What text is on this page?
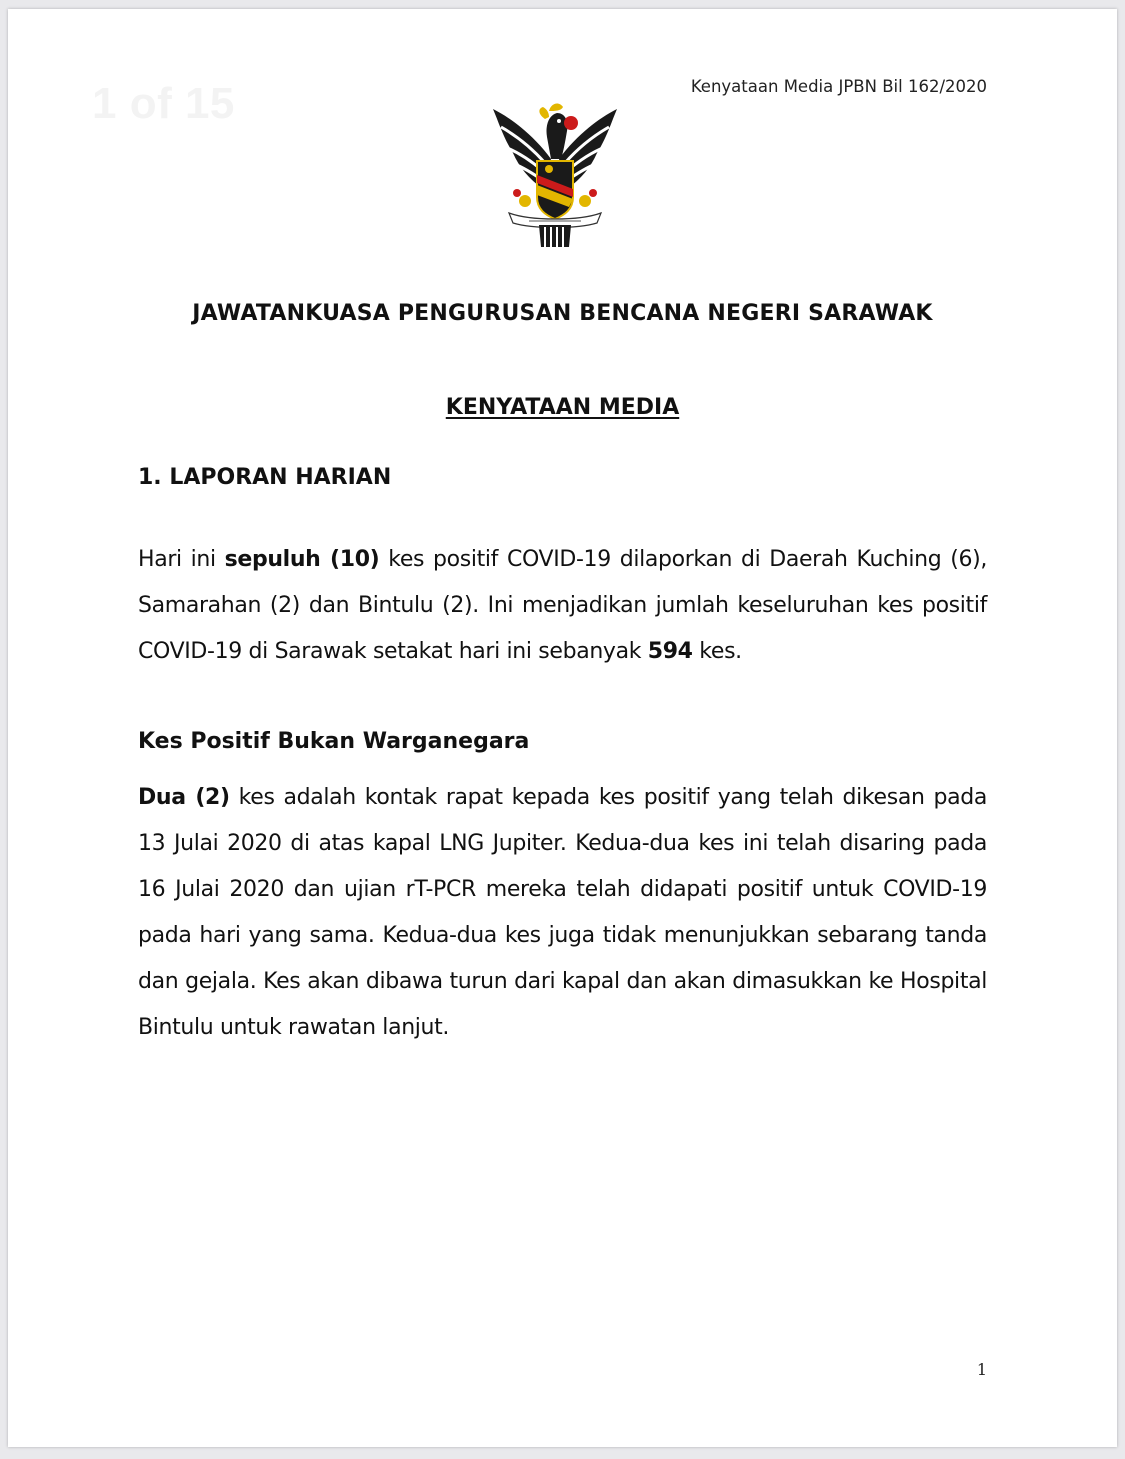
1 of 15	Kenyataan Media JPBN Bil 162/2020
JAWATANKUASA PENGURUSAN BENCANA NEGERI SARAWAK
KENYATAAN MEDIA
1. LAPORAN HARIAN
Hari ini sepuluh (10) kes positif COVID-19 dilaporkan di Daerah Kuching (6), Samarahan (2) dan Bintulu (2). Ini menjadikan jumlah keseluruhan kes positif COVID-19 di Sarawak setakat hari ini sebanyak 594 kes.
Kes Positif Bukan Warganegara
Dua (2) kes adalah kontak rapat kepada kes positif yang telah dikesan pada 13 Julai 2020 di atas kapal LNG Jupiter. Kedua-dua kes ini telah disaring pada 16 Julai 2020 dan ujian rT-PCR mereka telah didapati positif untuk COVID-19 pada hari yang sama. Kedua-dua kes juga tidak menunjukkan sebarang tanda dan gejala. Kes akan dibawa turun dari kapal dan akan dimasukkan ke Hospital Bintulu untuk rawatan lanjut.
1
